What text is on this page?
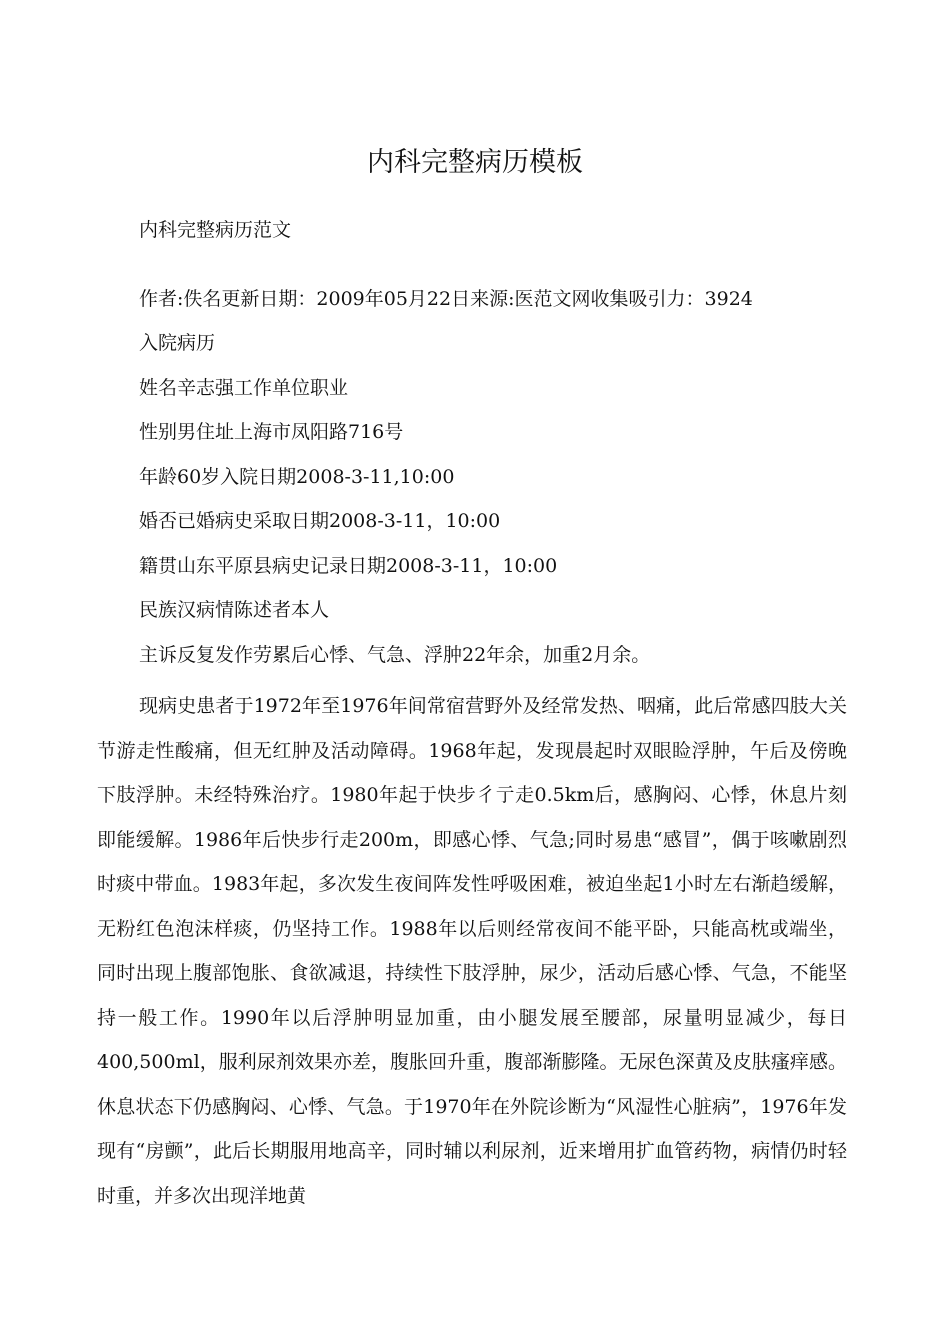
内科完整病历模板

内科完整病历范文

作者:佚名更新日期：2009年05月22日来源:医范文网收集吸引力：3924

入院病历

姓名辛志强工作单位职业

性别男住址上海市凤阳路716号

年龄60岁入院日期2008-3-11,10:00

婚否已婚病史采取日期2008-3-11，10:00

籍贯山东平原县病史记录日期2008-3-11，10:00

民族汉病情陈述者本人

主诉反复发作劳累后心悸、气急、浮肿22年余，加重2月余。

现病史患者于1972年至1976年间常宿营野外及经常发热、咽痛，此后常感四肢大关节游走性酸痛，但无红肿及活动障碍。1968年起，发现晨起时双眼睑浮肿，午后及傍晚下肢浮肿。未经特殊治疗。1980年起于快步彳亍走0.5km后，感胸闷、心悸，休息片刻即能缓解。1986年后快步行走200m，即感心悸、气急;同时易患“感冒”，偶于咳嗽剧烈时痰中带血。1983年起，多次发生夜间阵发性呼吸困难，被迫坐起1小时左右渐趋缓解，无粉红色泡沫样痰，仍坚持工作。1988年以后则经常夜间不能平卧，只能高枕或端坐，同时出现上腹部饱胀、食欲减退，持续性下肢浮肿，尿少，活动后感心悸、气急，不能坚持一般工作。1990年以后浮肿明显加重，由小腿发展至腰部，尿量明显减少，每日400,500ml，服利尿剂效果亦差，腹胀回升重，腹部渐膨隆。无尿色深黄及皮肤瘙痒感。休息状态下仍感胸闷、心悸、气急。于1970年在外院诊断为“风湿性心脏病”，1976年发现有“房颤”，此后长期服用地高辛，同时辅以利尿剂，近来增用扩血管药物，病情仍时轻时重，并多次出现洋地黄
